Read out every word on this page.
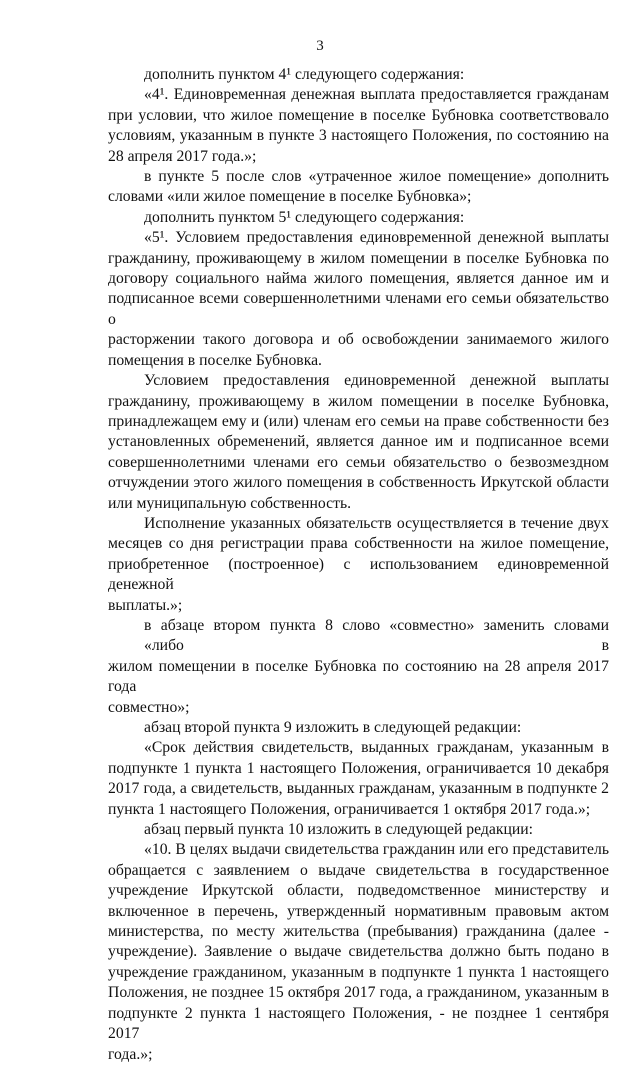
3
дополнить пунктом 4¹ следующего содержания:
«4¹. Единовременная денежная выплата предоставляется гражданам
при условии, что жилое помещение в поселке Бубновка соответствовало
условиям, указанным в пункте 3 настоящего Положения, по состоянию на
28 апреля 2017 года.»;
в пункте 5 после слов «утраченное жилое помещение» дополнить
словами «или жилое помещение в поселке Бубновка»;
дополнить пунктом 5¹ следующего содержания:
«5¹. Условием предоставления единовременной денежной выплаты
гражданину, проживающему в жилом помещении в поселке Бубновка по
договору социального найма жилого помещения, является данное им и
подписанное всеми совершеннолетними членами его семьи обязательство о
расторжении такого договора и об освобождении занимаемого жилого
помещения в поселке Бубновка.
Условием предоставления единовременной денежной выплаты
гражданину, проживающему в жилом помещении в поселке Бубновка,
принадлежащем ему и (или) членам его семьи на праве собственности без
установленных обременений, является данное им и подписанное всеми
совершеннолетними членами его семьи обязательство о безвозмездном
отчуждении этого жилого помещения в собственность Иркутской области
или муниципальную собственность.
Исполнение указанных обязательств осуществляется в течение двух
месяцев со дня регистрации права собственности на жилое помещение,
приобретенное (построенное) с использованием единовременной денежной
выплаты.»;
в абзаце втором пункта 8 слово «совместно» заменить словами «либо в
жилом помещении в поселке Бубновка по состоянию на 28 апреля 2017 года
совместно»;
абзац второй пункта 9 изложить в следующей редакции:
«Срок действия свидетельств, выданных гражданам, указанным в
подпункте 1 пункта 1 настоящего Положения, ограничивается 10 декабря
2017 года, а свидетельств, выданных гражданам, указанным в подпункте 2
пункта 1 настоящего Положения, ограничивается 1 октября 2017 года.»;
абзац первый пункта 10 изложить в следующей редакции:
«10. В целях выдачи свидетельства гражданин или его представитель
обращается с заявлением о выдаче свидетельства в государственное
учреждение Иркутской области, подведомственное министерству и
включенное в перечень, утвержденный нормативным правовым актом
министерства, по месту жительства (пребывания) гражданина (далее -
учреждение). Заявление о выдаче свидетельства должно быть подано в
учреждение гражданином, указанным в подпункте 1 пункта 1 настоящего
Положения, не позднее 15 октября 2017 года, а гражданином, указанным в
подпункте 2 пункта 1 настоящего Положения, - не позднее 1 сентября 2017
года.»;
